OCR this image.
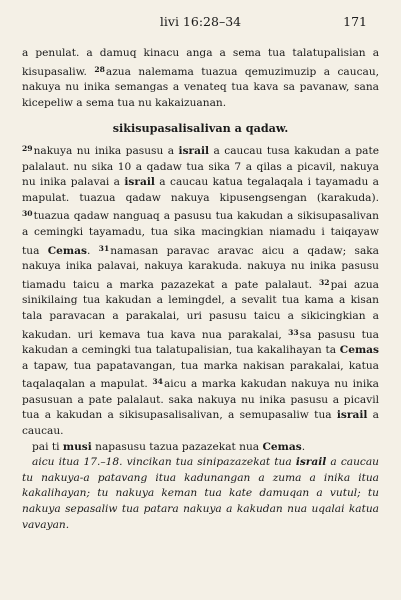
livi 16:28–34	171

a penulat. a damuq kinacu anga a sema tua talatupalisian a kisupasaliw. $^{28}$azua nalemama tuazua qemuzimuzip a caucau, nakuya nu inika semangas a venateq tua kava sa pavanaw, sana kicepeliw a sema tua nu kakaizuanan.

sikisupasalisalivan a qadaw.

$^{29}$nakuya nu inika pasusu a israil a caucau tusa kakudan a pate palalaut. nu sika 10 a qadaw tua sika 7 a qilas a picavil, nakuya nu inika palavai a israil a caucau katua tegalaqala i tayamadu a mapulat. tuazua qadaw nakuya kipusengsengan (karakuda). $^{30}$tuazua qadaw nanguaq a pasusu tua kakudan a sikisupasalivan a cemingki tayamadu, tua sika macingkian niamadu i taiqayaw tua Cemas. $^{31}$namasan paravac aravac aicu a qadaw; saka nakuya inika palavai, nakuya karakuda. nakuya nu inika pasusu tiamadu taicu a marka pazazekat a pate palalaut. $^{32}$pai azua sinikilaing tua kakudan a lemingdel, a sevalit tua kama a kisan tala paravacan a parakalai, uri pasusu taicu a sikicingkian a kakudan. uri kemava tua kava nua parakalai, $^{33}$sa pasusu tua kakudan a cemingki tua talatupalisian, tua kakalihayan ta Cemas a tapaw, tua papatavangan, tua marka nakisan parakalai, katua taqalaqalan a mapulat. $^{34}$aicu a marka kakudan nakuya nu inika pasusuan a pate palalaut. saka nakuya nu inika pasusu a picavil tua a kakudan a sikisupasalisalivan, a semupasaliw tua israil a caucau.

pai ti musi napasusu tazua pazazekat nua Cemas.

aicu itua 17.–18. vincikan tua sinipazazekat tua israil a caucau tu nakuya-a patavang itua kadunangan a zuma a inika itua kakalihayan; tu nakuya keman tua kate damuqan a vutul; tu nakuya sepasaliw tua patara nakuya a kakudan nua uqalai katua vavayan.
